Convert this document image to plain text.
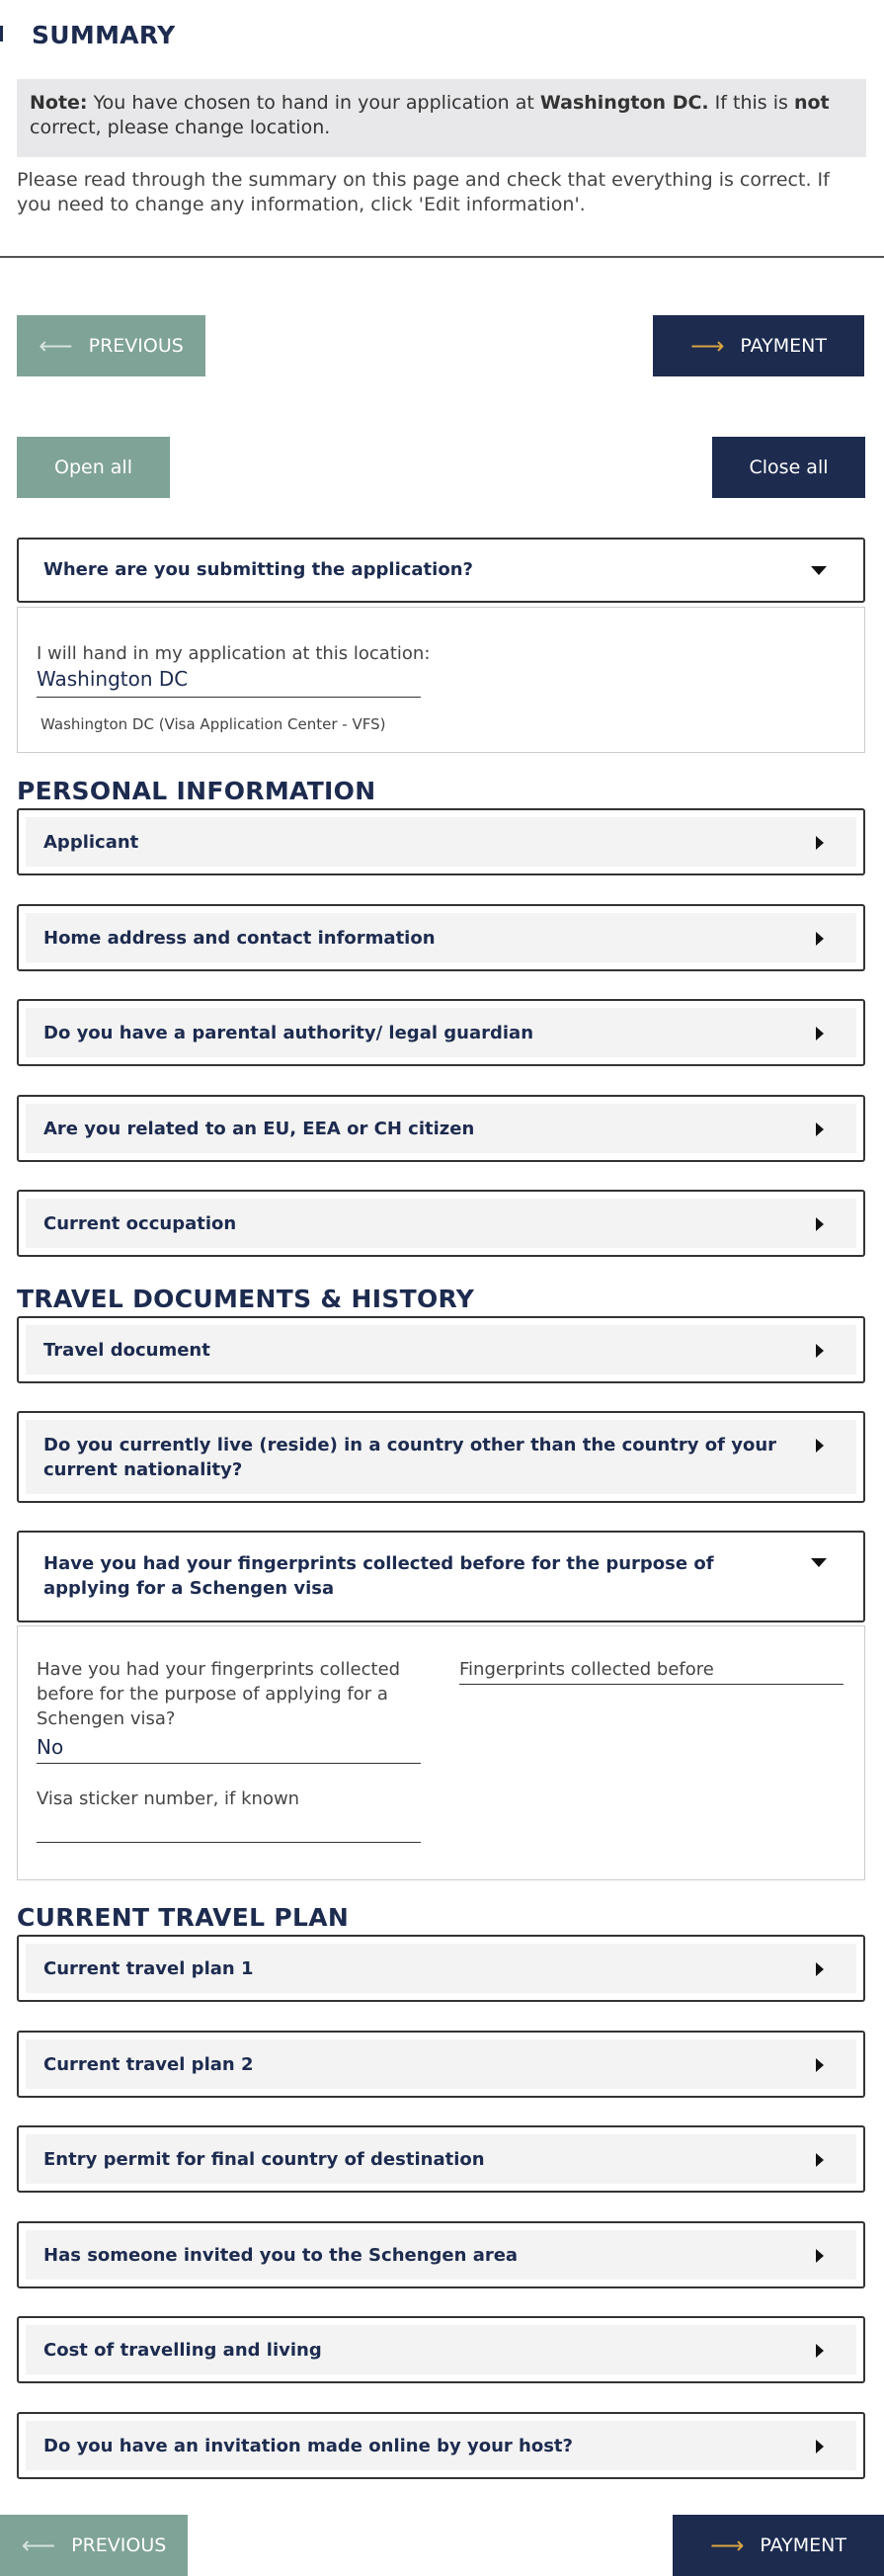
SUMMARY
Note: You have chosen to hand in your application at Washington DC. If this is not correct, please change location.
Please read through the summary on this page and check that everything is correct. If you need to change any information, click 'Edit information'.
⟵ PREVIOUS	⟶ PAYMENT
Open all	Close all
Where are you submitting the application?
I will hand in my application at this location:
Washington DC
Washington DC (Visa Application Center - VFS)
PERSONAL INFORMATION
Applicant
Home address and contact information
Do you have a parental authority/ legal guardian
Are you related to an EU, EEA or CH citizen
Current occupation
TRAVEL DOCUMENTS & HISTORY
Travel document
Do you currently live (reside) in a country other than the country of your current nationality?
Have you had your fingerprints collected before for the purpose of applying for a Schengen visa
Have you had your fingerprints collected before for the purpose of applying for a Schengen visa?
No
Visa sticker number, if known
Fingerprints collected before
CURRENT TRAVEL PLAN
Current travel plan 1
Current travel plan 2
Entry permit for final country of destination
Has someone invited you to the Schengen area
Cost of travelling and living
Do you have an invitation made online by your host?
⟵ PREVIOUS	⟶ PAYMENT
